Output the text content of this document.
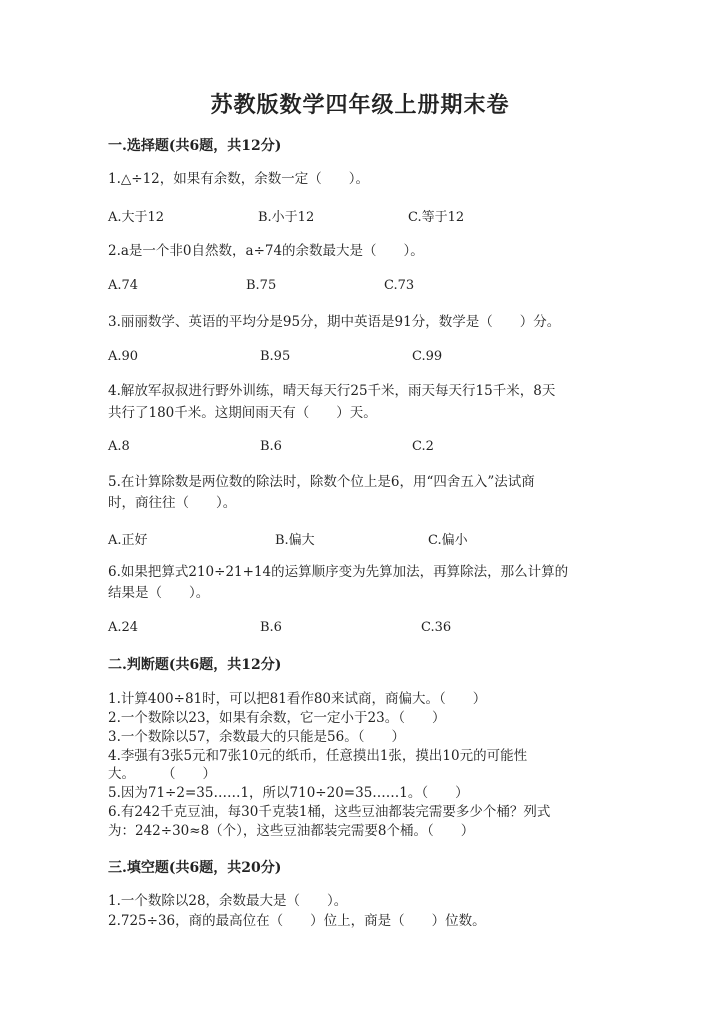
苏教版数学四年级上册期末卷
一.选择题(共6题，共12分)
1.△÷12，如果有余数，余数一定（　　）。
A.大于12	B.小于12	C.等于12
2.a是一个非0自然数，a÷74的余数最大是（　　）。
A.74	B.75	C.73
3.丽丽数学、英语的平均分是95分，期中英语是91分，数学是（　　）分。
A.90	B.95	C.99
4.解放军叔叔进行野外训练，晴天每天行25千米，雨天每天行15千米，8天
共行了180千米。这期间雨天有（　　）天。
A.8	B.6	C.2
5.在计算除数是两位数的除法时，除数个位上是6，用“四舍五入”法试商
时，商往往（　　）。
A.正好	B.偏大	C.偏小
6.如果把算式210÷21+14的运算顺序变为先算加法，再算除法，那么计算的
结果是（　　）。
A.24	B.6	C.36
二.判断题(共6题，共12分)
1.计算400÷81时，可以把81看作80来试商，商偏大。（　　）
2.一个数除以23，如果有余数，它一定小于23。（　　）
3.一个数除以57，余数最大的只能是56。（　　）
4.李强有3张5元和7张10元的纸币，任意摸出1张，摸出10元的可能性
大。　　　（　　）
5.因为71÷2=35……1，所以710÷20=35……1。（　　）
6.有242千克豆油，每30千克装1桶，这些豆油都装完需要多少个桶？列式
为：242÷30≈8（个），这些豆油都装完需要8个桶。（　　）
三.填空题(共6题，共20分)
1.一个数除以28，余数最大是（　　）。
2.725÷36，商的最高位在（　　）位上，商是（　　）位数。
